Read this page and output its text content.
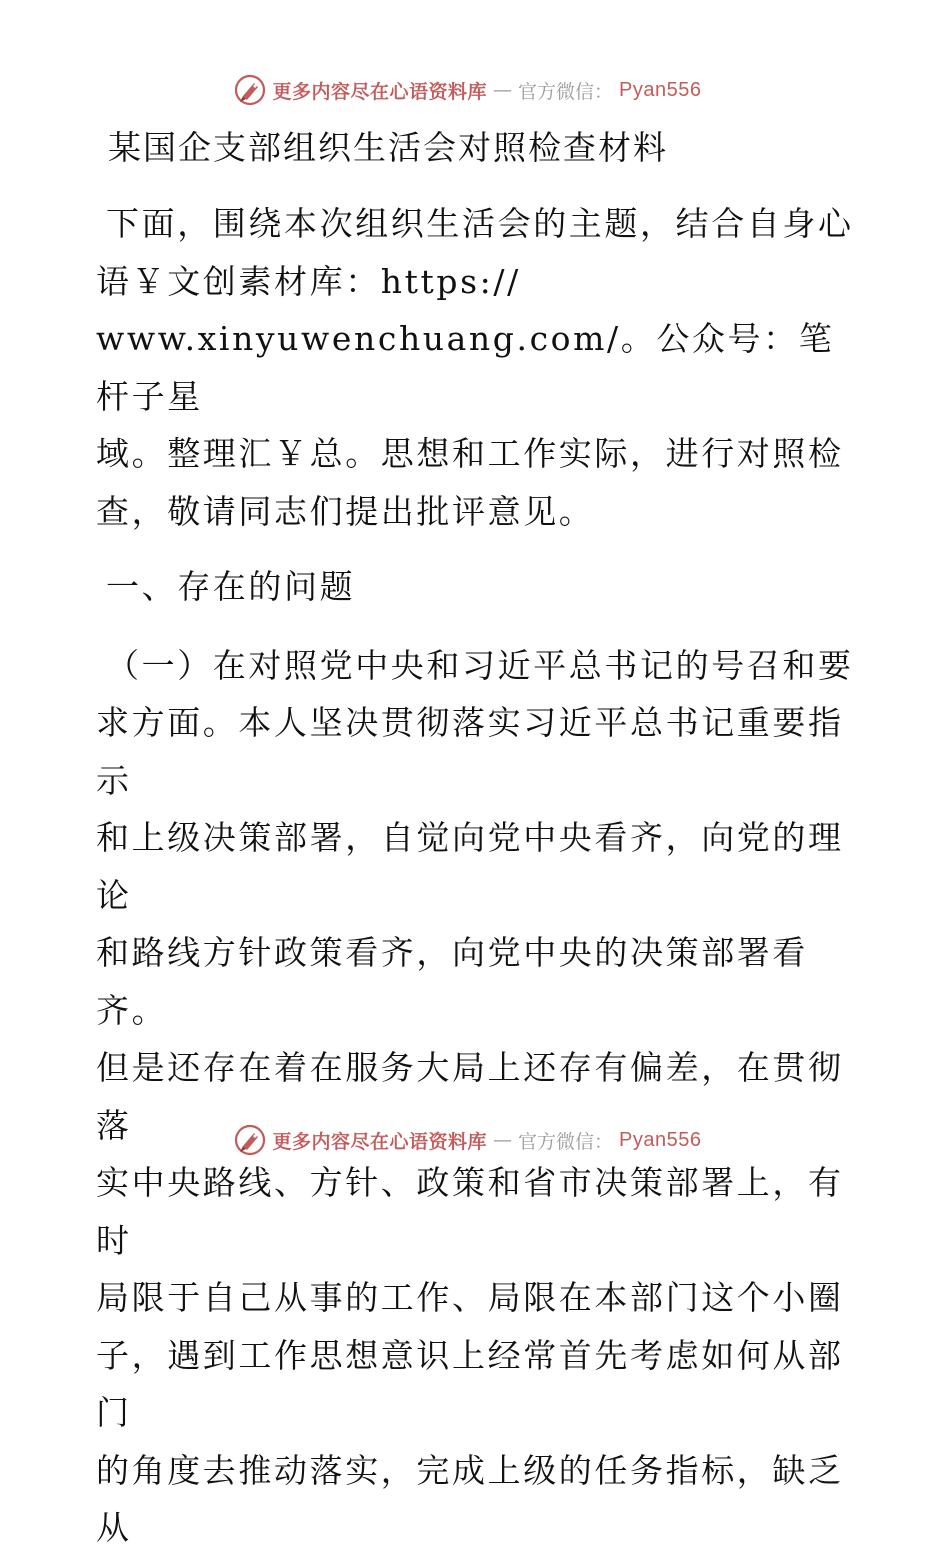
更多内容尽在心语资料库 — 官方微信： Pyan556
某国企支部组织生活会对照检查材料

下面，围绕本次组织生活会的主题，结合自身心

语￥文创素材库：https://

www.xinyuwenchuang.com/。公众号：笔杆子星

域。整理汇￥总。思想和工作实际，进行对照检

查，敬请同志们提出批评意见。

一、存在的问题

（一）在对照党中央和习近平总书记的号召和要

求方面。本人坚决贯彻落实习近平总书记重要指示

和上级决策部署，自觉向党中央看齐，向党的理论

和路线方针政策看齐，向党中央的决策部署看齐。

但是还存在着在服务大局上还存有偏差，在贯彻落

实中央路线、方针、政策和省市决策部署上，有时

局限于自己从事的工作、局限在本部门这个小圈

子，遇到工作思想意识上经常首先考虑如何从部门

的角度去推动落实，完成上级的任务指标，缺乏从

更多内容尽在心语资料库 — 官方微信： Pyan556
